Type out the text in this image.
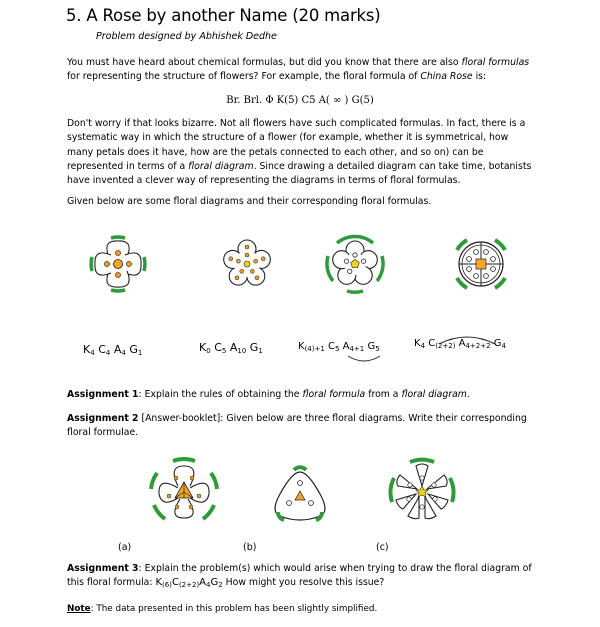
5. A Rose by another Name (20 marks)
Problem designed by Abhishek Dedhe
You must have heard about chemical formulas, but did you know that there are also floral formulas for representing the structure of flowers? For example, the floral formula of China Rose is:
Br. Brl. Φ K(5) C5 A( ∞ ) G(5)
Don't worry if that looks bizarre. Not all flowers have such complicated formulas. In fact, there is a systematic way in which the structure of a flower (for example, whether it is symmetrical, how many petals does it have, how are the petals connected to each other, and so on) can be represented in terms of a floral diagram. Since drawing a detailed diagram can take time, botanists have invented a clever way of representing the diagrams in terms of floral formulas.
Given below are some floral diagrams and their corresponding floral formulas.
$K_4$ $C_4$ $A_4$ $G_1$	$K_0$ $C_5$ $A_{10}$ $G_1$	$K_{(4)+1}$ $C_5$ $A_{4+1}$ $G_5$	$K_4$ $C_{(2+2)}$ $A_{4+2+2}$ $G_4$
Assignment 1: Explain the rules of obtaining the floral formula from a floral diagram.
Assignment 2 [Answer-booklet]: Given below are three floral diagrams. Write their corresponding floral formulae.
(a)	(b)	(c)
Assignment 3: Explain the problem(s) which would arise when trying to draw the floral diagram of this floral formula: $K_{(6)}C_{(2+2)}A_4G_2$ How might you resolve this issue?
Note: The data presented in this problem has been slightly simplified.
